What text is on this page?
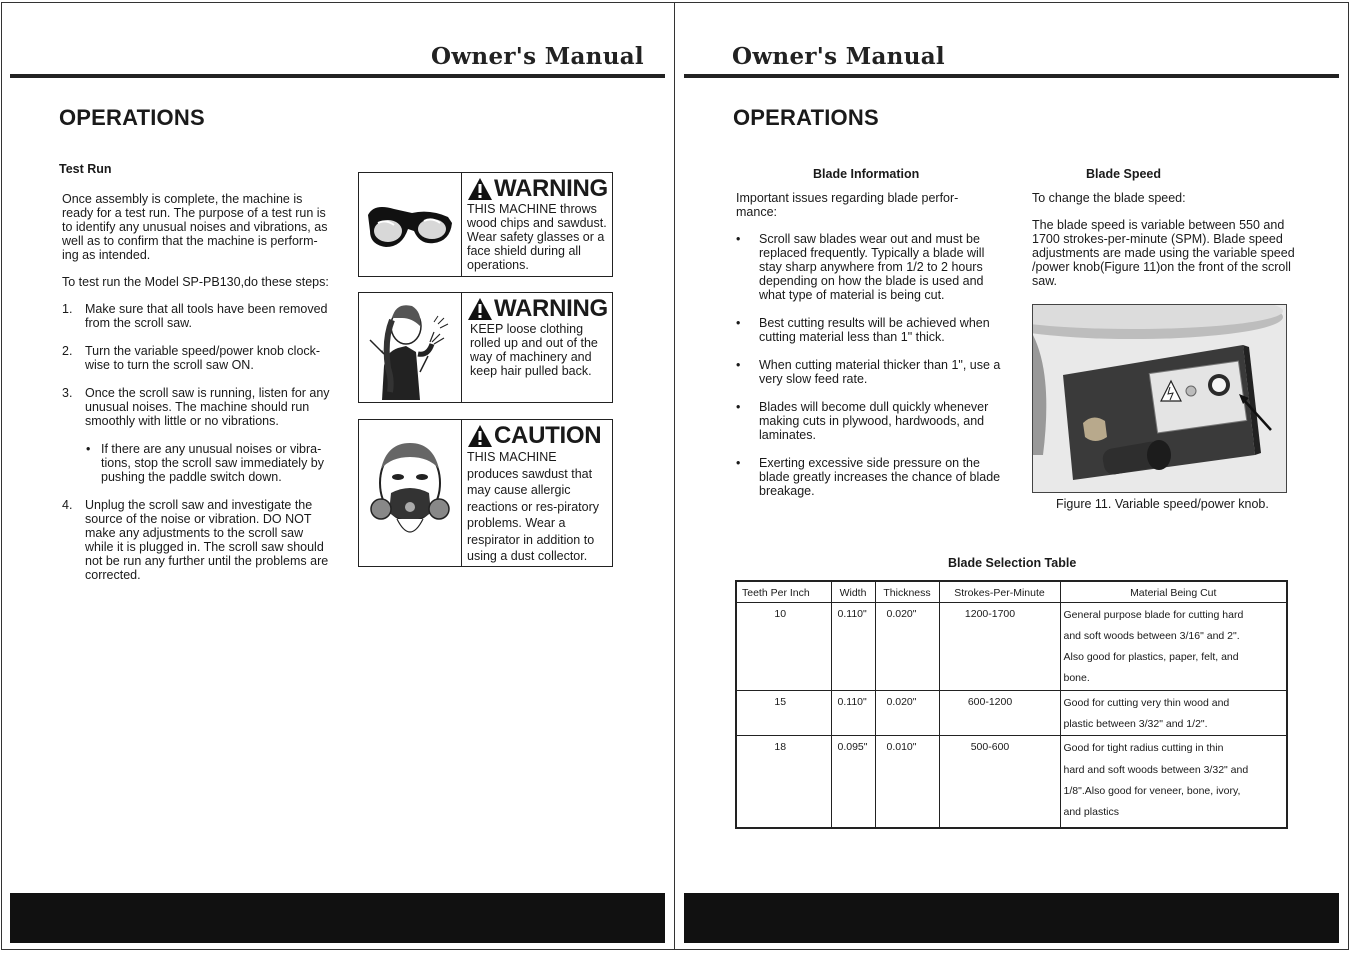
Owner's Manual
OPERATIONS
Test Run

Once assembly is complete, the machine is ready for a test run. The purpose of a test run is to identify any unusual noises and vibrations, as well as to confirm that the machine is perform-ing as intended.

To test run the Model SP-PB130,do these steps:

1. Make sure that all tools have been removed from the scroll saw.
2. Turn the variable speed/power knob clock-wise to turn the scroll saw ON.
3. Once the scroll saw is running, listen for any unusual noises. The machine should run smoothly with little or no vibrations.
• If there are any unusual noises or vibra-tions, stop the scroll saw immediately by pushing the paddle switch down.
4. Unplug the scroll saw and investigate the source of the noise or vibration. DO NOT make any adjustments to the scroll saw while it is plugged in. The scroll saw should not be run any further until the problems are corrected.
WARNING
THIS MACHINE throws wood chips and sawdust. Wear safety glasses or a face shield during all operations.
WARNING
KEEP loose clothing rolled up and out of the way of machinery and keep hair pulled back.
CAUTION
THIS MACHINE produces sawdust that may cause allergic reactions or res-piratory problems. Wear a respirator in addition to using a dust collector.
Owner's Manual
OPERATIONS
Blade Information

Important issues regarding blade perfor-mance:

• Scroll saw blades wear out and must be replaced frequently. Typically a blade will stay sharp anywhere from 1/2 to 2 hours depending on how the blade is used and what type of material is being cut.
• Best cutting results will be achieved when cutting material less than 1" thick.
• When cutting material thicker than 1", use a very slow feed rate.
• Blades will become dull quickly whenever making cuts in plywood, hardwoods, and laminates.
• Exerting excessive side pressure on the blade greatly increases the chance of blade breakage.
Blade Speed

To change the blade speed:

The blade speed is variable between 550 and 1700 strokes-per-minute (SPM). Blade speed adjustments are made using the variable speed /power knob(Figure 11)on the front of the scroll saw.

Figure 11. Variable speed/power knob.
Blade Selection Table
Teeth Per Inch	Width	Thickness	Strokes-Per-Minute	Material Being Cut
10	0.110"	0.020"	1200-1700	General purpose blade for cutting hard
and soft woods between 3/16" and 2".
Also good for plastics, paper, felt, and
bone.

15	0.110"	0.020"	600-1200	Good for cutting very thin wood and
plastic between 3/32" and 1/2".

18	0.095"	0.010"	500-600	Good for tight radius cutting in thin
hard and soft woods between 3/32" and
1/8".Also good for veneer, bone, ivory,
and plastics
